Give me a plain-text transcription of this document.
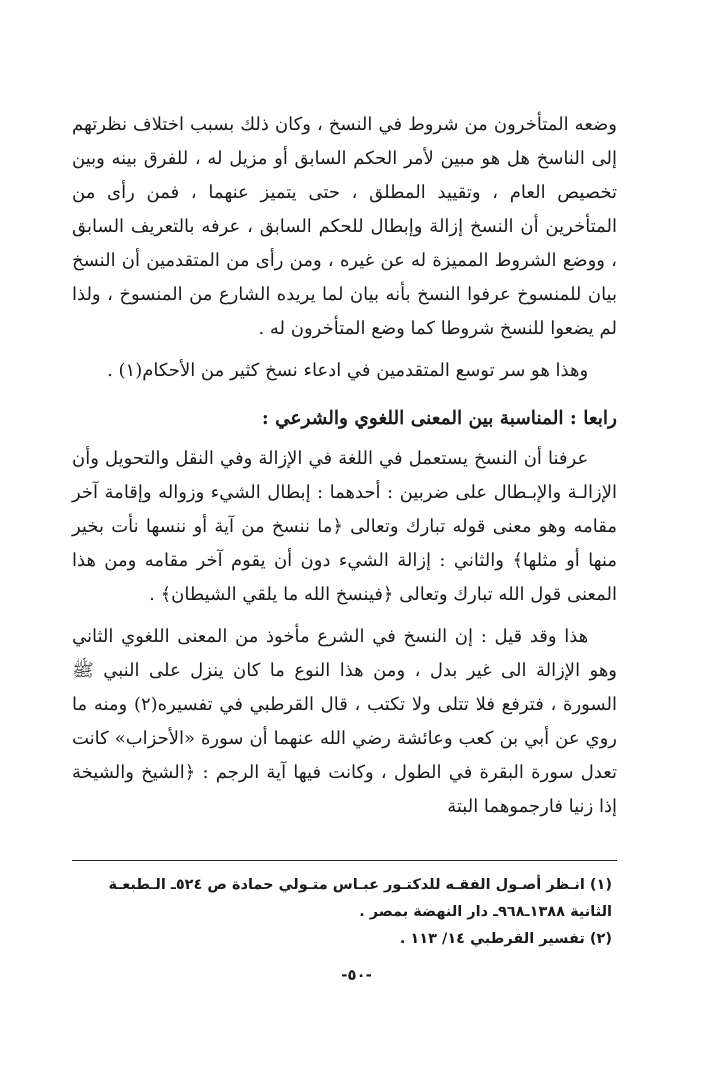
وضعه المتأخرون من شروط في النسخ ، وكان ذلك بسبب اختلاف نظرتهم إلى الناسخ هل هو مبين لأمر الحكم السابق أو مزيل له ، للفرق بينه وبين تخصيص العام ، وتقييد المطلق ، حتى يتميز عنهما ، فمن رأى من المتأخرين أن النسخ إزالة وإبطال للحكم السابق ، عرفه بالتعريف السابق ، ووضع الشروط المميزة له عن غيره ، ومن رأى من المتقدمين أن النسخ بيان للمنسوخ عرفوا النسخ بأنه بيان لما يريده الشارع من المنسوخ ، ولذا لم يضعوا للنسخ شروطا كما وضع المتأخرون له .

وهذا هو سر توسع المتقدمين في ادعاء نسخ كثير من الأحكام(١) .

رابعا : المناسبة بين المعنى اللغوي والشرعي :

عرفنا أن النسخ يستعمل في اللغة في الإزالة وفي النقل والتحويل وأن الإزالـة والإبـطال على ضربين : أحدهما : إبطال الشيء وزواله وإقامة آخر مقامه وهو معنى قوله تبارك وتعالى ﴿ما ننسخ من آية أو ننسها نأت بخير منها أو مثلها﴾ والثاني : إزالة الشيء دون أن يقوم آخر مقامه ومن هذا المعنى قول الله تبارك وتعالى ﴿فينسخ الله ما يلقي الشيطان﴾ .

هذا وقد قيل : إن النسخ في الشرع مأخوذ من المعنى اللغوي الثاني وهو الإزالة الى غير بدل ، ومن هذا النوع ما كان ينزل على النبي ﷺ السورة ، فترفع فلا تتلى ولا تكتب ، قال القرطبي في تفسيره(٢) ومنه ما روي عن أبي بن كعب وعائشة رضي الله عنهما أن سورة «الأحزاب» كانت تعدل سورة البقرة في الطول ، وكانت فيها آية الرجم : ﴿الشيخ والشيخة إذا زنيا فارجموهما البتة

(١) انـظر أصـول الفقـه للدكتـور عبـاس متـولي حمادة ص ٥٢٤ـ الـطبعـة الثانية ١٣٨٨ـ٩٦٨ـ دار النهضة بمصر .

(٢) تفسير القرطبي ١٤/ ١١٣ .

-٥٠-
